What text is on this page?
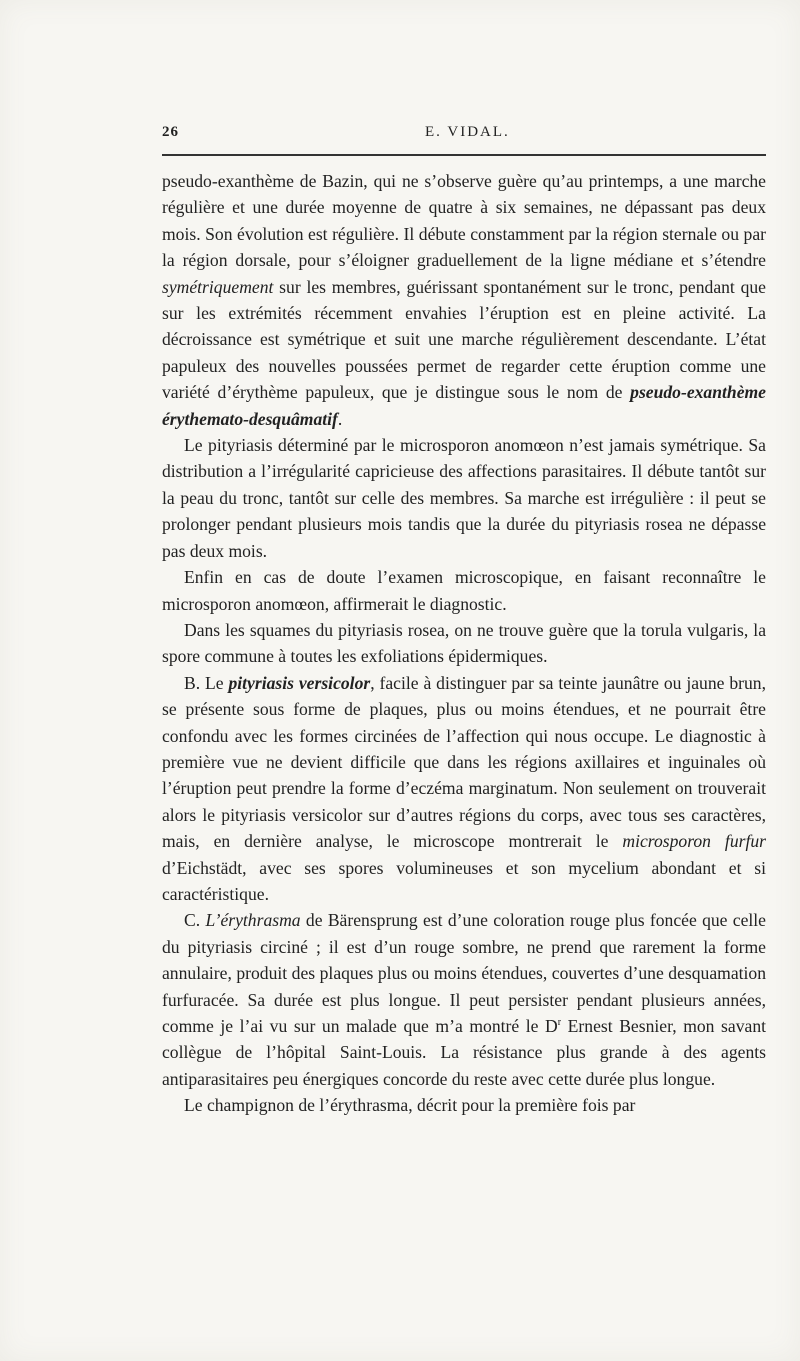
26	E. VIDAL.

pseudo-exanthème de Bazin, qui ne s’observe guère qu’au printemps, a une marche régulière et une durée moyenne de quatre à six semaines, ne dépassant pas deux mois. Son évolution est régulière. Il débute constamment par la région sternale ou par la région dorsale, pour s’éloigner graduellement de la ligne médiane et s’étendre symétriquement sur les membres, guérissant spontanément sur le tronc, pendant que sur les extrémités récemment envahies l’éruption est en pleine activité. La décroissance est symétrique et suit une marche régulièrement descendante. L’état papuleux des nouvelles poussées permet de regarder cette éruption comme une variété d’érythème papuleux, que je distingue sous le nom de pseudo-exanthème érythemato-desquâmatif.

Le pityriasis déterminé par le microsporon anomœon n’est jamais symétrique. Sa distribution a l’irrégularité capricieuse des affections parasitaires. Il débute tantôt sur la peau du tronc, tantôt sur celle des membres. Sa marche est irrégulière : il peut se prolonger pendant plusieurs mois tandis que la durée du pityriasis rosea ne dépasse pas deux mois.

Enfin en cas de doute l’examen microscopique, en faisant reconnaître le microsporon anomœon, affirmerait le diagnostic.

Dans les squames du pityriasis rosea, on ne trouve guère que la torula vulgaris, la spore commune à toutes les exfoliations épidermiques.

B. Le pityriasis versicolor, facile à distinguer par sa teinte jaunâtre ou jaune brun, se présente sous forme de plaques, plus ou moins étendues, et ne pourrait être confondu avec les formes circinées de l’affection qui nous occupe. Le diagnostic à première vue ne devient difficile que dans les régions axillaires et inguinales où l’éruption peut prendre la forme d’eczéma marginatum. Non seulement on trouverait alors le pityriasis versicolor sur d’autres régions du corps, avec tous ses caractères, mais, en dernière analyse, le microscope montrerait le microsporon furfur d’Eichstädt, avec ses spores volumineuses et son mycelium abondant et si caractéristique.

C. L’érythrasma de Bärensprung est d’une coloration rouge plus foncée que celle du pityriasis circiné ; il est d’un rouge sombre, ne prend que rarement la forme annulaire, produit des plaques plus ou moins étendues, couvertes d’une desquamation furfuracée. Sa durée est plus longue. Il peut persister pendant plusieurs années, comme je l’ai vu sur un malade que m’a montré le $D^r$ Ernest Besnier, mon savant collègue de l’hôpital Saint-Louis. La résistance plus grande à des agents antiparasitaires peu énergiques concorde du reste avec cette durée plus longue.

Le champignon de l’érythrasma, décrit pour la première fois par
